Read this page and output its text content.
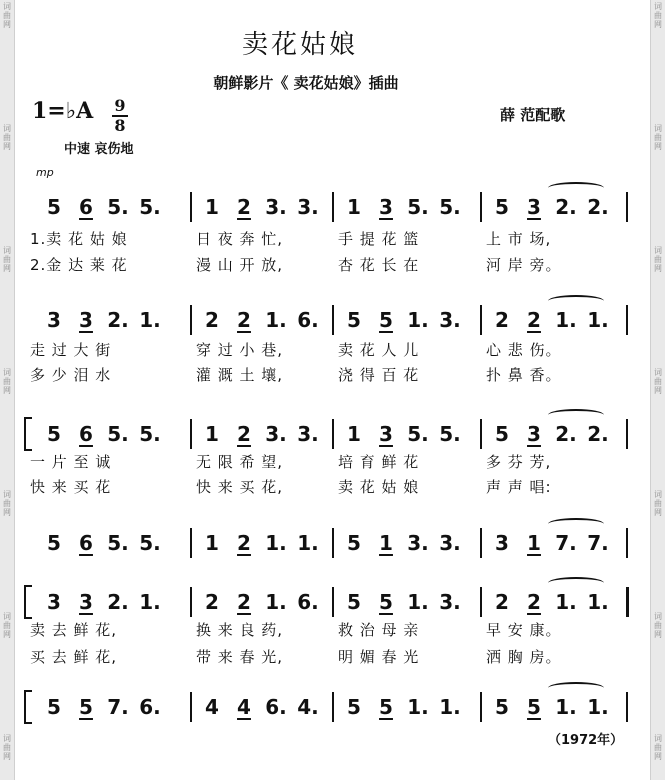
词
曲
网
词
曲
网
词
曲
网
词
曲
网
词
曲
网
词
曲
网
词
曲
网
词
曲
网
词
曲
网
词
曲
网
词
曲
网
词
曲
网
词
曲
网
词
曲
网
卖花姑娘
朝鲜影片《 卖花姑娘》插曲
1=♭A 9
8
薛 范配歌
中速 哀伤地
mp
5 6 5. 5.	1 2 3. 3.	1 3 5. 5.	5 3 2. 2.
1.卖 花 姑 娘	日 夜 奔 忙,	手 提 花 篮	上 市 场,
2.金 达 莱 花	漫 山 开 放,	杏 花 长 在	河 岸 旁。
3 3 2. 1.	2 2 1. 6.	5 5 1. 3.	2 2 1. 1.
走 过 大 街	穿 过 小 巷,	卖 花 人 儿	心 悲 伤。
多 少 泪 水	灌 溉 土 壤,	浇 得 百 花	扑 鼻 香。
5 6 5. 5.	1 2 3. 3.	1 3 5. 5.	5 3 2. 2.
一 片 至 诚	无 限 希 望,	培 育 鲜 花	多 芬 芳,
快 来 买 花	快 来 买 花,	卖 花 姑 娘	声 声 唱:
5 6 5. 5.	1 2 1. 1.	5 1 3. 3.	3 1 7. 7.
3 3 2. 1.	2 2 1. 6.	5 5 1. 3.	2 2 1. 1.
卖 去 鲜 花,	换 来 良 药,	救 治 母 亲	早 安 康。
买 去 鲜 花,	带 来 春 光,	明 媚 春 光	洒 胸 房。
5 5 7. 6.	4 4 6. 4.	5 5 1. 1.	5 5 1. 1.
（1972年）
